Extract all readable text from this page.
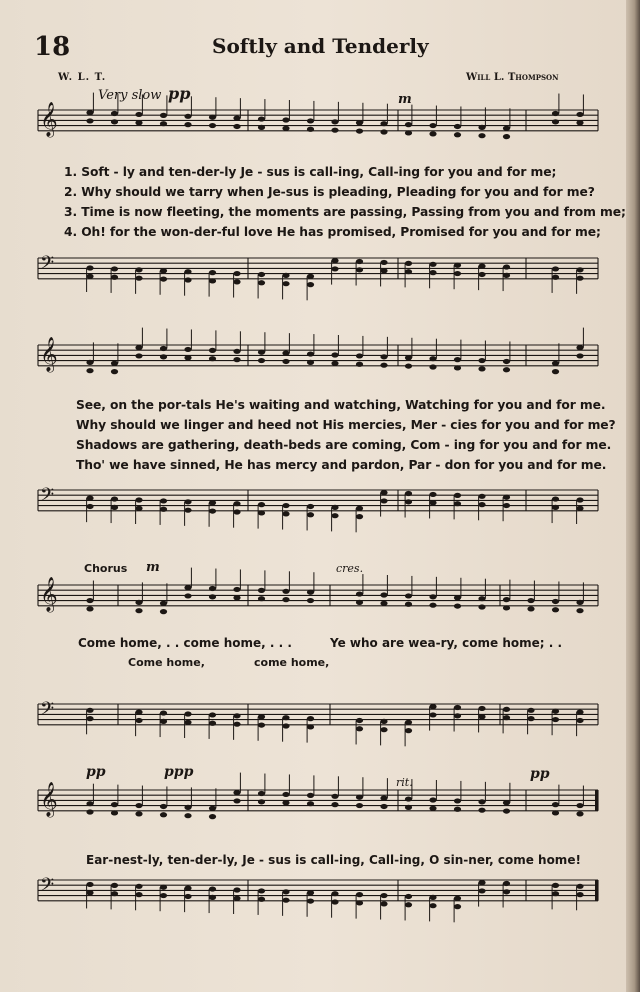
18	Softly and Tenderly
W. L. T.	Will L. Thompson
Very slow pp	m
𝄞
𝄢
𝄞
𝄢
𝄞
𝄢
𝄞
𝄢
1. Soft - ly and ten-der-ly Je - sus is call-ing, Call-ing for you and for me;
2. Why should we tarry when Je-sus is pleading, Pleading for you and for me?
3. Time is now fleeting, the moments are passing, Passing from you and from me;
4. Oh! for the won-der-ful love He has promised, Promised for you and for me;
See, on the por-tals He's waiting and watching, Watching for you and for me.
Why should we linger and heed not His mercies, Mer - cies for you and for me?
Shadows are gathering, death-beds are coming, Com - ing for you and for me.
Tho' we have sinned, He has mercy and pardon, Par - don for you and for me.
Chorus m	cres.
Come home, . . come home, . . .	Ye who are wea-ry, come home; . .
Come home,	come home,
pp	ppp
rit.
pp
Ear-nest-ly, ten-der-ly, Je - sus is call-ing, Call-ing, O sin-ner, come home!
